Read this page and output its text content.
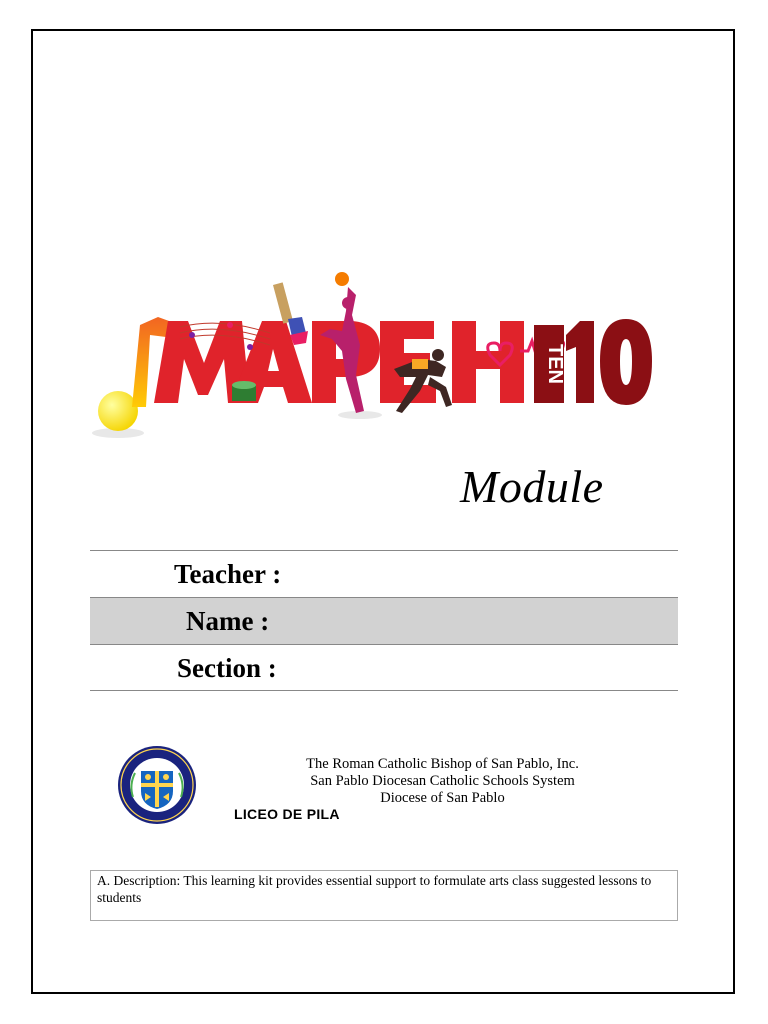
TEN
Module
Teacher :
Name :
Section :
The Roman Catholic Bishop of San Pablo, Inc.
San Pablo Diocesan Catholic Schools System
Diocese of San Pablo
LICEO DE PILA
A. Description: This learning kit provides essential support to formulate arts class suggested lessons to students
